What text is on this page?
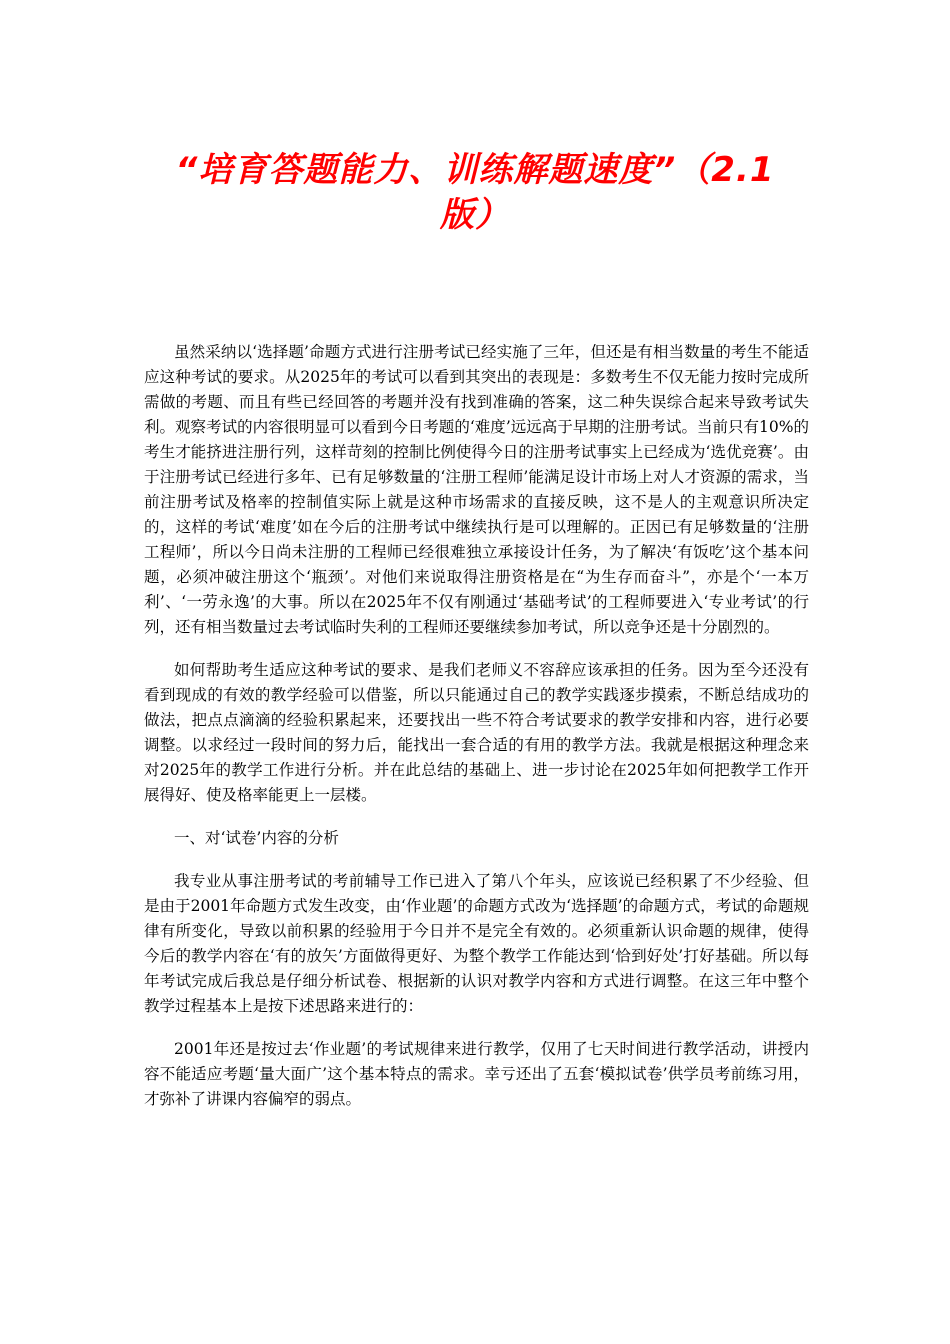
“培育答题能力、训练解题速度”（2.1版）

虽然采纳以‘选择题’命题方式进行注册考试已经实施了三年，但还是有相当数量的考生不能适应这种考试的要求。从2025年的考试可以看到其突出的表现是：多数考生不仅无能力按时完成所需做的考题、而且有些已经回答的考题并没有找到准确的答案，这二种失误综合起来导致考试失利。观察考试的内容很明显可以看到今日考题的‘难度’远远高于早期的注册考试。当前只有10%的考生才能挤进注册行列，这样苛刻的控制比例使得今日的注册考试事实上已经成为‘选优竞赛’。由于注册考试已经进行多年、已有足够数量的‘注册工程师’能满足设计市场上对人才资源的需求，当前注册考试及格率的控制值实际上就是这种市场需求的直接反映，这不是人的主观意识所决定的，这样的考试‘难度’如在今后的注册考试中继续执行是可以理解的。正因已有足够数量的‘注册工程师’，所以今日尚未注册的工程师已经很难独立承接设计任务，为了解决‘有饭吃’这个基本问题，必须冲破注册这个‘瓶颈’。对他们来说取得注册资格是在“为生存而奋斗”，亦是个‘一本万利’、‘一劳永逸’的大事。所以在2025年不仅有刚通过‘基础考试’的工程师要进入‘专业考试’的行列，还有相当数量过去考试临时失利的工程师还要继续参加考试，所以竞争还是十分剧烈的。

如何帮助考生适应这种考试的要求、是我们老师义不容辞应该承担的任务。因为至今还没有看到现成的有效的教学经验可以借鉴，所以只能通过自己的教学实践逐步摸索，不断总结成功的做法，把点点滴滴的经验积累起来，还要找出一些不符合考试要求的教学安排和内容，进行必要调整。以求经过一段时间的努力后，能找出一套合适的有用的教学方法。我就是根据这种理念来对2025年的教学工作进行分析。并在此总结的基础上、进一步讨论在2025年如何把教学工作开展得好、使及格率能更上一层楼。

一、对‘试卷’内容的分析

我专业从事注册考试的考前辅导工作已进入了第八个年头，应该说已经积累了不少经验、但是由于2001年命题方式发生改变，由‘作业题’的命题方式改为‘选择题’的命题方式，考试的命题规律有所变化，导致以前积累的经验用于今日并不是完全有效的。必须重新认识命题的规律，使得今后的教学内容在‘有的放矢’方面做得更好、为整个教学工作能达到‘恰到好处’打好基础。所以每年考试完成后我总是仔细分析试卷、根据新的认识对教学内容和方式进行调整。在这三年中整个教学过程基本上是按下述思路来进行的：

2001年还是按过去‘作业题’的考试规律来进行教学，仅用了七天时间进行教学活动，讲授内容不能适应考题‘量大面广’这个基本特点的需求。幸亏还出了五套‘模拟试卷’供学员考前练习用，才弥补了讲课内容偏窄的弱点。
